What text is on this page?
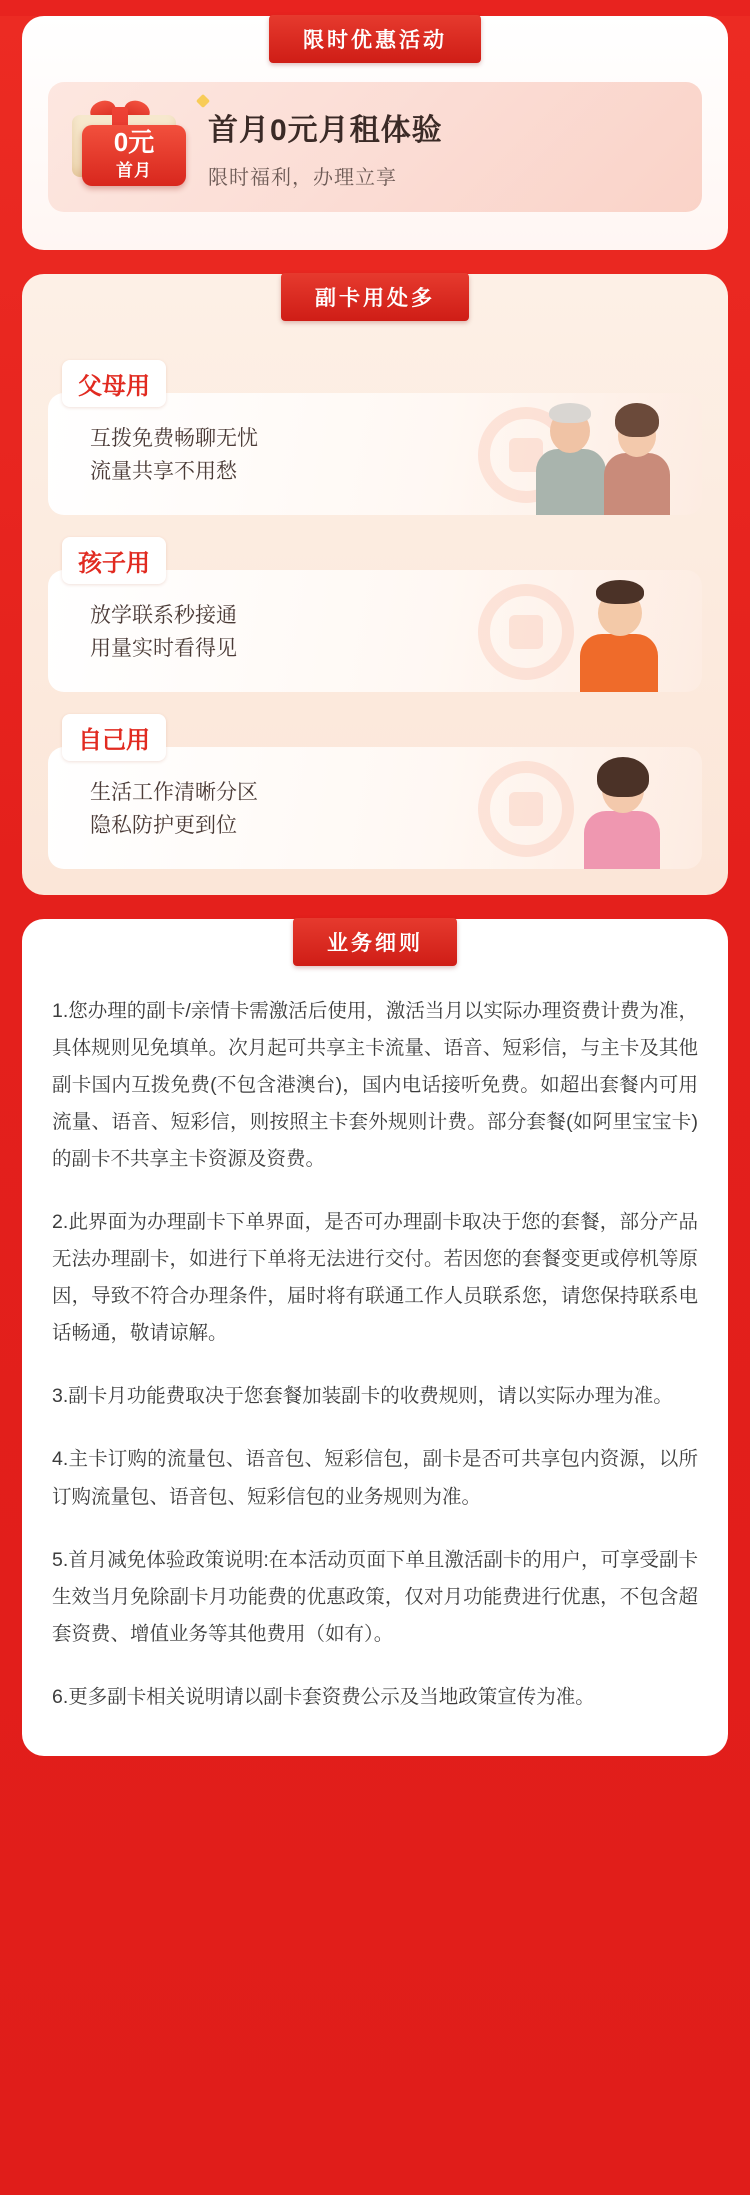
限时优惠活动
0元
首月
首月0元月租体验
限时福利，办理立享
副卡用处多
父母用

互拨免费畅聊无忧

流量共享不用愁

孩子用

放学联系秒接通

用量实时看得见

自己用

生活工作清晰分区

隐私防护更到位

业务细则

1.您办理的副卡/亲情卡需激活后使用，激活当月以实际办理资费计费为准，具体规则见免填单。次月起可共享主卡流量、语音、短彩信，与主卡及其他副卡国内互拨免费(不包含港澳台)，国内电话接听免费。如超出套餐内可用流量、语音、短彩信，则按照主卡套外规则计费。部分套餐(如阿里宝宝卡)的副卡不共享主卡资源及资费。

2.此界面为办理副卡下单界面，是否可办理副卡取决于您的套餐，部分产品无法办理副卡，如进行下单将无法进行交付。若因您的套餐变更或停机等原因，导致不符合办理条件，届时将有联通工作人员联系您，请您保持联系电话畅通，敬请谅解。

3.副卡月功能费取决于您套餐加装副卡的收费规则，请以实际办理为准。

4.主卡订购的流量包、语音包、短彩信包，副卡是否可共享包内资源，以所订购流量包、语音包、短彩信包的业务规则为准。

5.首月减免体验政策说明:在本活动页面下单且激活副卡的用户，可享受副卡生效当月免除副卡月功能费的优惠政策，仅对月功能费进行优惠，不包含超套资费、增值业务等其他费用（如有）。

6.更多副卡相关说明请以副卡套资费公示及当地政策宣传为准。
